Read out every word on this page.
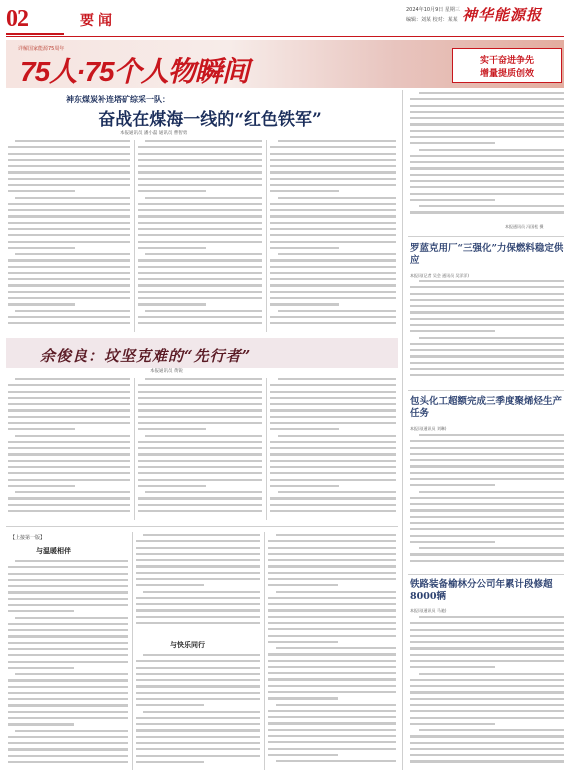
02	要闻
2024年10月9日 星期三
编辑：刘某 校对：某某 神华能源报
详解国家能源75周年
75人·75个人物瞬间	实干奋进争先
增量提质创效
神东煤炭补连塔矿综采一队：
奋战在煤海一线的“红色铁军”
本报通讯员 潘小磊 通讯员 曹智勇
余俊良：坟坚克难的“先行者”
本报通讯员 黄锐
【上接第一版】
与温暖相伴
与快乐同行
本报通讯员 冯国松 摄
罗蓝克用厂“三强化”力保燃料稳定供应
本报讯(记者 吴会 通讯员 吴洋洋)
包头化工超额完成三季度聚烯烃生产任务
本报讯(通讯员 刘琳)
铁路装备榆林分公司年累计段修超8000辆
本报讯(通讯员 马驰)
